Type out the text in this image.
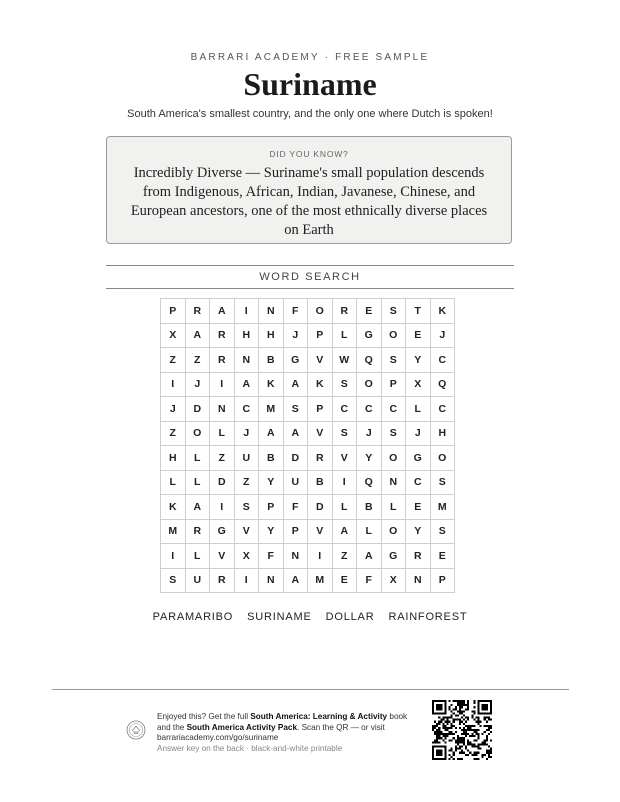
BARRARI ACADEMY · FREE SAMPLE
Suriname
South America's smallest country, and the only one where Dutch is spoken!
DID YOU KNOW?
Incredibly Diverse — Suriname's small population descends from Indigenous, African, Indian, Javanese, Chinese, and European ancestors, one of the most ethnically diverse places on Earth
WORD SEARCH
P	R	A	I	N	F	O	R	E	S	T	K
X	A	R	H	H	J	P	L	G	O	E	J
Z	Z	R	N	B	G	V	W	Q	S	Y	C
I	J	I	A	K	A	K	S	O	P	X	Q
J	D	N	C	M	S	P	C	C	C	L	C
Z	O	L	J	A	A	V	S	J	S	J	H
H	L	Z	U	B	D	R	V	Y	O	G	O
L	L	D	Z	Y	U	B	I	Q	N	C	S
K	A	I	S	P	F	D	L	B	L	E	M
M	R	G	V	Y	P	V	A	L	O	Y	S
I	L	V	X	F	N	I	Z	A	G	R	E
S	U	R	I	N	A	M	E	F	X	N	P
PARAMARIBO SURINAME DOLLAR RAINFOREST
Enjoyed this? Get the full South America: Learning & Activity book and the South America Activity Pack. Scan the QR — or visit
barrariacademy.com/go/suriname
Answer key on the back · black-and-white printable
